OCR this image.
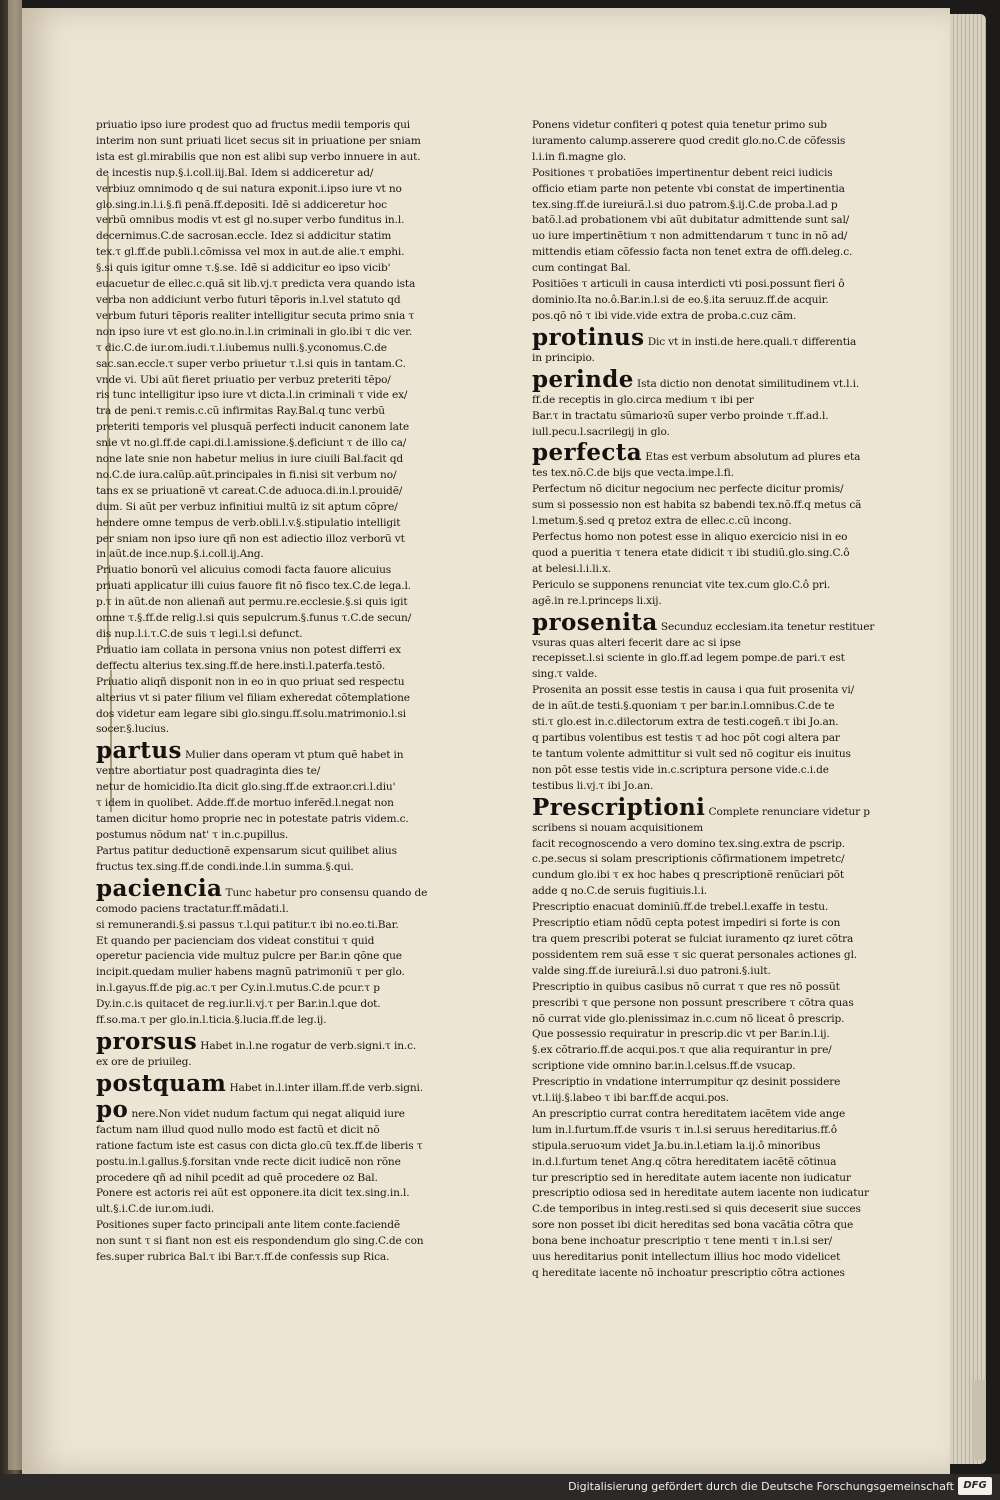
priuatio ipso iure prodest quo ad fructus medii temporis qui
interim non sunt priuati licet secus sit in priuatione per sniam
ista est gl.mirabilis que non est alibi sup verbo innuere in aut.
de incestis nup.§.i.coll.iij.Bal. Idem si addiceretur ad/
verbiuz omnimodo q de sui natura exponit.i.ipso iure vt no
glo.sing.in.l.i.§.fi penã.ff.depositi. Idẽ si addiceretur hoc
verbũ omnibus modis vt est gl no.super verbo funditus in.l.
decernimus.C.de sacrosan.eccle. Idez si addicitur statim
tex.τ gl.ff.de publi.l.cõmissa vel mox in aut.de alie.τ emphi.
§.si quis igitur omne τ.§.se. Idẽ si addicitur eo ipso vicib'
euacuetur de ellec.c.quã sit lib.vj.τ predicta vera quando ista
verba non addiciunt verbo futuri tẽporis in.l.vel statuto qd
verbum futuri tẽporis realiter intelligitur secuta primo snia τ
non ipso iure vt est glo.no.in.l.in criminali in glo.ibi τ dic ver.
τ dic.C.de iur.om.iudi.τ.l.iubemus nulli.§.yconomus.C.de
sac.san.eccle.τ super verbo priuetur τ.l.si quis in tantam.C.
vnde vi. Ubi aũt fieret priuatio per verbuz preteriti tẽpo/
ris tunc intelligitur ipso iure vt dicta.l.in criminali τ vide ex/
tra de peni.τ remis.c.cũ infirmitas Ray.Bal.q tunc verbũ
preteriti temporis vel plusquã perfecti inducit canonem late
snie vt no.gl.ff.de capi.di.l.amissione.§.deficiunt τ de illo ca/
none late snie non habetur melius in iure ciuili Bal.facit qd
no.C.de iura.calũp.aũt.principales in fi.nisi sit verbum no/
tans ex se priuationẽ vt careat.C.de aduoca.di.in.l.prouidẽ/
dum. Si aũt per verbuz infinitiui multũ iz sit aptum cõpre/
hendere omne tempus de verb.obli.l.v.§.stipulatio intelligit
per sniam non ipso iure qñ non est adiectio illoz verborũ vt
in aũt.de ince.nup.§.i.coll.ij.Ang.
Priuatio bonorũ vel alicuius comodi facta fauore alicuius
priuati applicatur illi cuius fauore fit nõ fisco tex.C.de lega.l.
p.τ in aũt.de non alienañ aut permu.re.ecclesie.§.si quis igit
omne τ.§.ff.de relig.l.si quis sepulcrum.§.funus τ.C.de secun/
dis nup.l.i.τ.C.de suis τ legi.l.si defunct.
Priuatio iam collata in persona vnius non potest differri ex
deffectu alterius tex.sing.ff.de here.insti.l.paterfa.testõ.
Priuatio aliqñ disponit non in eo in quo priuat sed respectu
alterius vt si pater filium vel filiam exheredat cõtemplatione
dos videtur eam legare sibi glo.singu.ff.solu.matrimonio.l.si
socer.§.lucius.
partus Mulier dans operam vt ptum quẽ habet in
ventre abortiatur post quadraginta dies te/
netur de homicidio.Ita dicit glo.sing.ff.de extraor.cri.l.diu'
τ idem in quolibet. Adde.ff.de mortuo inferẽd.l.negat non
tamen dicitur homo proprie nec in potestate patris videm.c.
postumus nõdum nat' τ in.c.pupillus.
Partus patitur deductionẽ expensarum sicut quilibet alius
fructus tex.sing.ff.de condi.inde.l.in summa.§.qui.
paciencia Tunc habetur pro consensu quando de
comodo paciens tractatur.ff.mãdati.l.
si remunerandi.§.si passus τ.l.qui patitur.τ ibi no.eo.ti.Bar.
Et quando per pacienciam dos videat constitui τ quid
operetur paciencia vide multuz pulcre per Bar.in qõne que
incipit.quedam mulier habens magnũ patrimoniũ τ per glo.
in.l.gayus.ff.de pig.ac.τ per Cy.in.l.mutus.C.de pcur.τ p
Dy.in.c.is quitacet de reg.iur.li.vj.τ per Bar.in.l.que dot.
ff.so.ma.τ per glo.in.l.ticia.§.lucia.ff.de leg.ij.
prorsus Habet in.l.ne rogatur de verb.signi.τ in.c.
ex ore de priuileg.
postquam Habet in.l.inter illam.ff.de verb.signi.
po nere.Non videt nudum factum qui negat aliquid iure
factum nam illud quod nullo modo est factũ et dicit nõ
ratione factum iste est casus con dicta glo.cũ tex.ff.de liberis τ
postu.in.l.gallus.§.forsitan vnde recte dicit iudicẽ non rõne
procedere qñ ad nihil pcedit ad quẽ procedere oz Bal.
Ponere est actoris rei aũt est opponere.ita dicit tex.sing.in.l.
ult.§.i.C.de iur.om.iudi.
Positiones super facto principali ante litem conte.faciendẽ
non sunt τ si fiant non est eis respondendum glo sing.C.de con
fes.super rubrica Bal.τ ibi Bar.τ.ff.de confessis sup Rica.
Ponens videtur confiteri q potest quia tenetur primo sub
iuramento calump.asserere quod credit glo.no.C.de cõfessis
l.i.in fi.magne glo.
Positiones τ probatiões impertinentur debent reici iudicis
officio etiam parte non petente vbi constat de impertinentia
tex.sing.ff.de iureiurã.l.si duo patrom.§.ij.C.de proba.l.ad p
batõ.l.ad probationem vbi aũt dubitatur admittende sunt sal/
uo iure impertinẽtium τ non admittendarum τ tunc in nõ ad/
mittendis etiam cõfessio facta non tenet extra de offi.deleg.c.
cum contingat Bal.
Positiões τ articuli in causa interdicti vti posi.possunt fieri ô
dominio.Ita no.ô.Bar.in.l.si de eo.§.ita seruuz.ff.de acquir.
pos.qõ nõ τ ibi vide.vide extra de proba.c.cuz cãm.
protinus Dic vt in insti.de here.quali.τ differentia
in principio.
perinde Ista dictio non denotat similitudinem vt.l.i.
ff.de receptis in glo.circa medium τ ibi per
Bar.τ in tractatu sũmarioꝛũ super verbo proinde τ.ff.ad.l.
iull.pecu.l.sacrilegij in glo.
perfecta Etas est verbum absolutum ad plures eta
tes tex.nõ.C.de bijs que vecta.impe.l.fi.
Perfectum nõ dicitur negocium nec perfecte dicitur promis/
sum si possessio non est habita sz babendi tex.nõ.ff.q metus cã
l.metum.§.sed q pretoz extra de ellec.c.cũ incong.
Perfectus homo non potest esse in aliquo exercicio nisi in eo
quod a pueritia τ tenera etate didicit τ ibi studiũ.glo.sing.C.ô
at belesi.l.i.li.x.
Periculo se supponens renunciat vite tex.cum glo.C.ô pri.
agẽ.in re.l.princeps li.xij.
prosenita Secunduz ecclesiam.ita tenetur restituer
vsuras quas alteri fecerit dare ac si ipse
recepisset.l.si sciente in glo.ff.ad legem pompe.de pari.τ est
sing.τ valde.
Prosenita an possit esse testis in causa i qua fuit prosenita vi/
de in aũt.de testi.§.quoniam τ per bar.in.l.omnibus.C.de te
sti.τ glo.est in.c.dilectorum extra de testi.cogeñ.τ ibi Jo.an.
q partibus volentibus est testis τ ad hoc põt cogi altera par
te tantum volente admittitur si vult sed nõ cogitur eis inuitus
non põt esse testis vide in.c.scriptura persone vide.c.i.de
testibus li.vj.τ ibi Jo.an.
Prescriptioni Complete renunciare videtur p
scribens si nouam acquisitionem
facit recognoscendo a vero domino tex.sing.extra de pscrip.
c.pe.secus si solam prescriptionis cõfirmationem impetretc/
cundum glo.ibi τ ex hoc habes q prescriptionẽ renũciari põt
adde q no.C.de seruis fugitiuis.l.i.
Prescriptio enacuat dominiũ.ff.de trebel.l.exaffe in testu.
Prescriptio etiam nõdũ cepta potest impediri si forte is con
tra quem prescribi poterat se fulciat iuramento qz iuret cõtra
possidentem rem suã esse τ sic querat personales actiones gl.
valde sing.ff.de iureiurã.l.si duo patroni.§.iult.
Prescriptio in quibus casibus nõ currat τ que res nõ possũt
prescribi τ que persone non possunt prescribere τ cõtra quas
nõ currat vide glo.plenissimaz in.c.cum nõ liceat ô prescrip.
Que possessio requiratur in prescrip.dic vt per Bar.in.l.ij.
§.ex cõtrario.ff.de acqui.pos.τ que alia requirantur in pre/
scriptione vide omnino bar.in.l.celsus.ff.de vsucap.
Prescriptio in vndatione interrumpitur qz desinit possidere
vt.l.iij.§.labeo τ ibi bar.ff.de acqui.pos.
An prescriptio currat contra hereditatem iacẽtem vide ange
lum in.l.furtum.ff.de vsuris τ in.l.si seruus hereditarius.ff.ô
stipula.seruoꝛum videt Ja.bu.in.l.etiam la.ij.ô minoribus
in.d.l.furtum tenet Ang.q cõtra hereditatem iacẽtẽ cõtinua
tur prescriptio sed in hereditate autem iacente non iudicatur
prescriptio odiosa sed in hereditate autem iacente non iudicatur
C.de temporibus in integ.resti.sed si quis deceserit siue succes
sore non posset ibi dicit hereditas sed bona vacãtia cõtra que
bona bene inchoatur prescriptio τ tene menti τ in.l.si ser/
uus hereditarius ponit intellectum illius hoc modo videlicet
q hereditate iacente nõ inchoatur prescriptio cõtra actiones
Digitalisierung gefördert durch die Deutsche Forschungsgemeinschaft DFG
